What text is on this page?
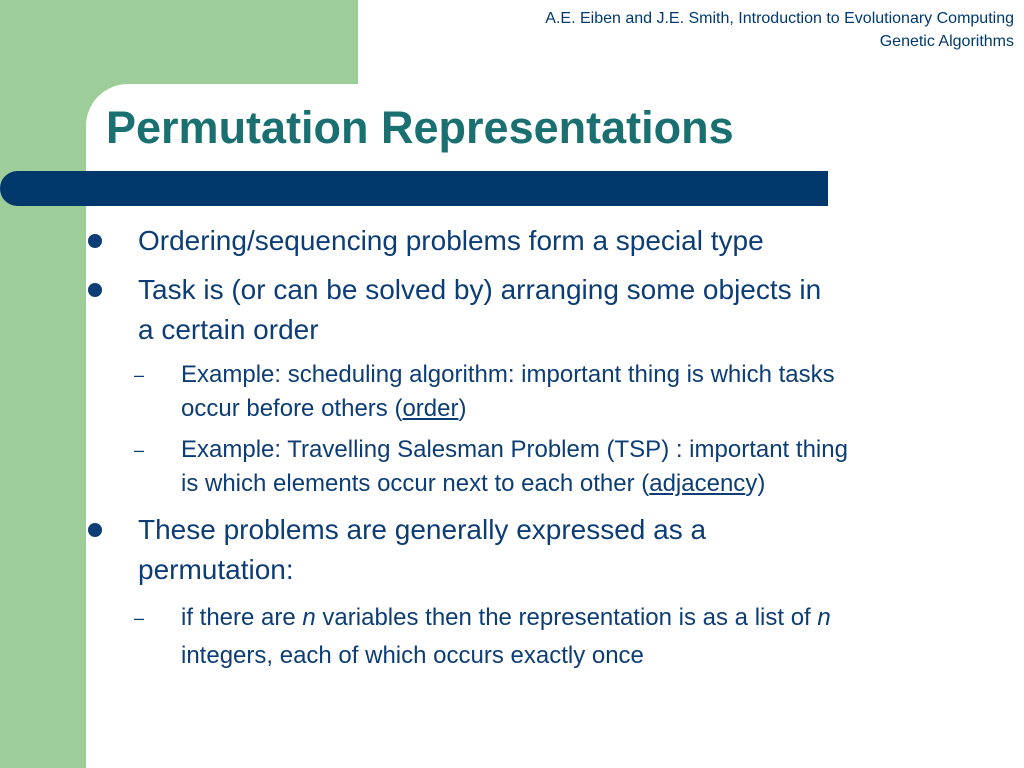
A.E. Eiben and J.E. Smith, Introduction to Evolutionary Computing
Genetic Algorithms
Permutation Representations
Ordering/sequencing problems form a special type
Task is (or can be solved by) arranging some objects in
a certain order
– Example: scheduling algorithm: important thing is which tasks
occur before others (order)
– Example: Travelling Salesman Problem (TSP) : important thing
is which elements occur next to each other (adjacency)
These problems are generally expressed as a
permutation:
– if there are n variables then the representation is as a list of n
integers, each of which occurs exactly once
